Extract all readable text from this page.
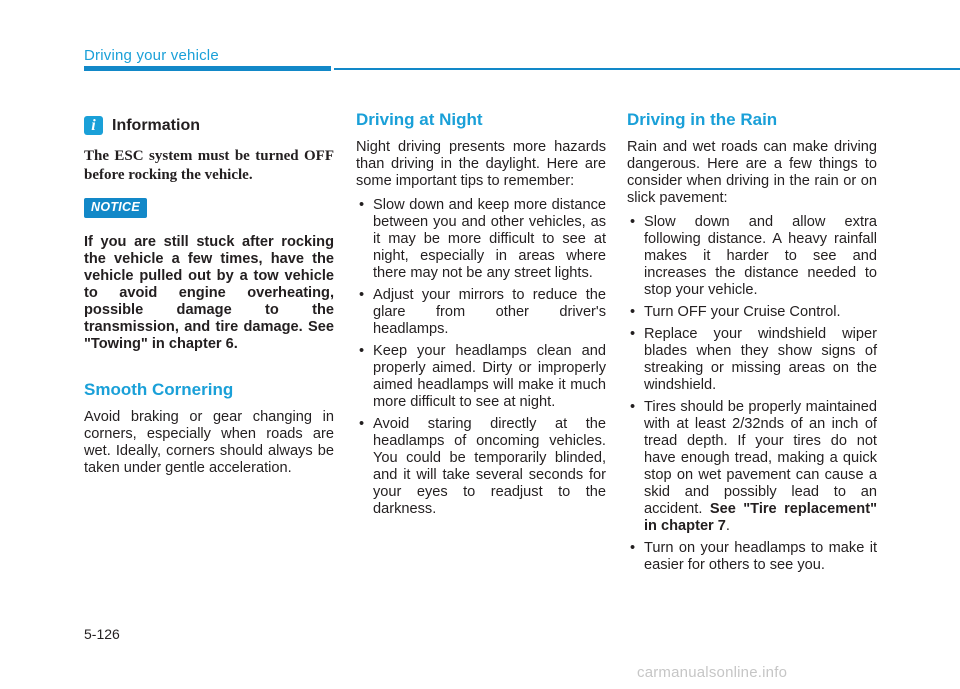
Driving your vehicle
i	Information
The ESC system must be turned OFF before rocking the vehicle.
NOTICE
If you are still stuck after rocking the vehicle a few times, have the vehicle pulled out by a tow vehicle to avoid engine overheating, possible damage to the transmission, and tire damage. See "Towing" in chapter 6.
Smooth Cornering
Avoid braking or gear changing in corners, especially when roads are wet. Ideally, corners should always be taken under gentle acceleration.
Driving at Night
Night driving presents more hazards than driving in the daylight. Here are some important tips to remember:
• Slow down and keep more distance between you and other vehicles, as it may be more difficult to see at night, especially in areas where there may not be any street lights.
• Adjust your mirrors to reduce the glare from other driver's headlamps.
• Keep your headlamps clean and properly aimed. Dirty or improperly aimed headlamps will make it much more difficult to see at night.
• Avoid staring directly at the headlamps of oncoming vehicles. You could be temporarily blinded, and it will take several seconds for your eyes to readjust to the darkness.
Driving in the Rain
Rain and wet roads can make driving dangerous. Here are a few things to consider when driving in the rain or on slick pavement:
• Slow down and allow extra following distance. A heavy rainfall makes it harder to see and increases the distance needed to stop your vehicle.
• Turn OFF your Cruise Control.
• Replace your windshield wiper blades when they show signs of streaking or missing areas on the windshield.
• Tires should be properly maintained with at least 2/32nds of an inch of tread depth. If your tires do not have enough tread, making a quick stop on wet pavement can cause a skid and possibly lead to an accident. See "Tire replacement" in chapter 7.
• Turn on your headlamps to make it easier for others to see you.
5-126
carmanualsonline.info
